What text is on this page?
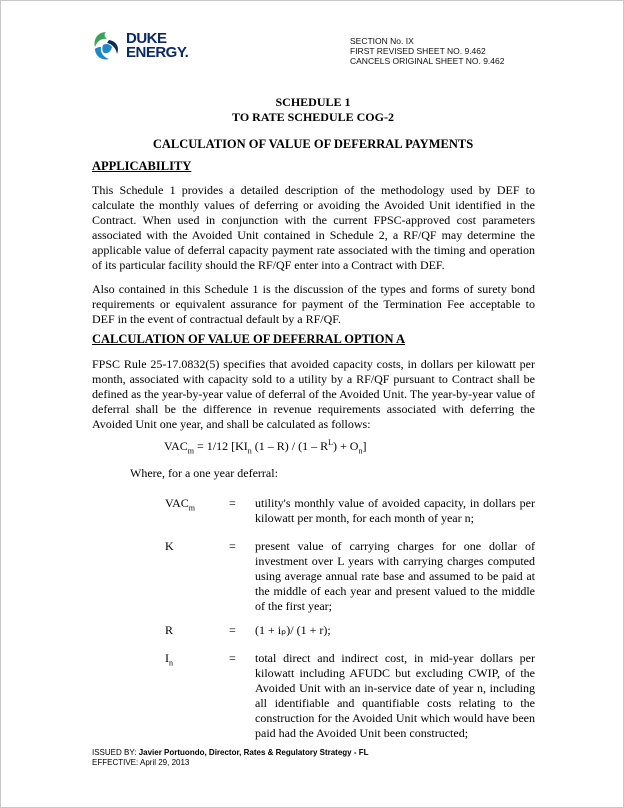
DUKE
ENERGY.
SECTION No. IX
FIRST REVISED SHEET NO. 9.462
CANCELS ORIGINAL SHEET NO. 9.462
SCHEDULE 1
TO RATE SCHEDULE COG-2
CALCULATION OF VALUE OF DEFERRAL PAYMENTS
APPLICABILITY
This Schedule 1 provides a detailed description of the methodology used by DEF to calculate the monthly values of deferring or avoiding the Avoided Unit identified in the Contract. When used in conjunction with the current FPSC-approved cost parameters associated with the Avoided Unit contained in Schedule 2, a RF/QF may determine the applicable value of deferral capacity payment rate associated with the timing and operation of its particular facility should the RF/QF enter into a Contract with DEF.
Also contained in this Schedule 1 is the discussion of the types and forms of surety bond requirements or equivalent assurance for payment of the Termination Fee acceptable to DEF in the event of contractual default by a RF/QF.
CALCULATION OF VALUE OF DEFERRAL OPTION A
FPSC Rule 25-17.0832(5) specifies that avoided capacity costs, in dollars per kilowatt per month, associated with capacity sold to a utility by a RF/QF pursuant to Contract shall be defined as the year-by-year value of deferral of the Avoided Unit. The year-by-year value of deferral shall be the difference in revenue requirements associated with deferring the Avoided Unit one year, and shall be calculated as follows:
$VAC_m = 1/12$ [$KI_n$ $(1 - R) / (1 - R^L) + O_n$]
Where, for a one year deferral:
$VAC_m$	= utility's monthly value of avoided capacity, in dollars per kilowatt per month, for each month of year n;
K	= present value of carrying charges for one dollar of investment over L years with carrying charges computed using average annual rate base and assumed to be paid at the middle of each year and present valued to the middle of the first year;
R	= (1 + iₚ)/ (1 + r);
$I_n$	= total direct and indirect cost, in mid-year dollars per kilowatt including AFUDC but excluding CWIP, of the Avoided Unit with an in-service date of year n, including all identifiable and quantifiable costs relating to the construction for the Avoided Unit which would have been paid had the Avoided Unit been constructed;
ISSUED BY: Javier Portuondo, Director, Rates & Regulatory Strategy - FL
EFFECTIVE: April 29, 2013
